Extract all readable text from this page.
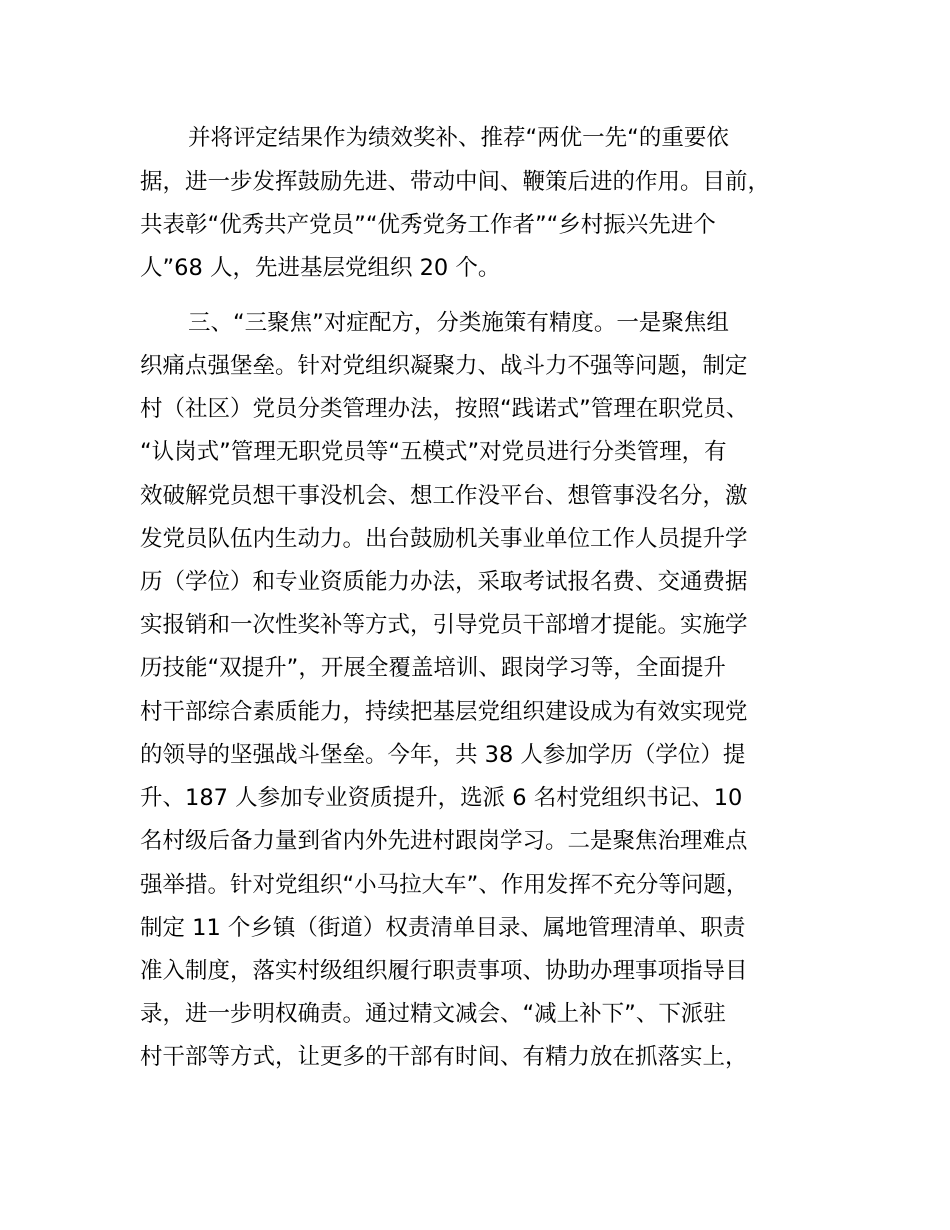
并将评定结果作为绩效奖补、推荐“两优一先“的重要依
据，进一步发挥鼓励先进、带动中间、鞭策后进的作用。目前，
共表彰“优秀共产党员”“优秀党务工作者”“乡村振兴先进个
人”68 人，先进基层党组织 20 个。
三、“三聚焦”对症配方，分类施策有精度。一是聚焦组
织痛点强堡垒。针对党组织凝聚力、战斗力不强等问题，制定
村（社区）党员分类管理办法，按照“践诺式”管理在职党员、
“认岗式”管理无职党员等“五模式”对党员进行分类管理，有
效破解党员想干事没机会、想工作没平台、想管事没名分，激
发党员队伍内生动力。出台鼓励机关事业单位工作人员提升学
历（学位）和专业资质能力办法，采取考试报名费、交通费据
实报销和一次性奖补等方式，引导党员干部增才提能。实施学
历技能“双提升”，开展全覆盖培训、跟岗学习等，全面提升
村干部综合素质能力，持续把基层党组织建设成为有效实现党
的领导的坚强战斗堡垒。今年，共 38 人参加学历（学位）提
升、187 人参加专业资质提升，选派 6 名村党组织书记、10
名村级后备力量到省内外先进村跟岗学习。二是聚焦治理难点
强举措。针对党组织“小马拉大车”、作用发挥不充分等问题，
制定 11 个乡镇（街道）权责清单目录、属地管理清单、职责
准入制度，落实村级组织履行职责事项、协助办理事项指导目
录，进一步明权确责。通过精文减会、“减上补下”、下派驻
村干部等方式，让更多的干部有时间、有精力放在抓落实上，
